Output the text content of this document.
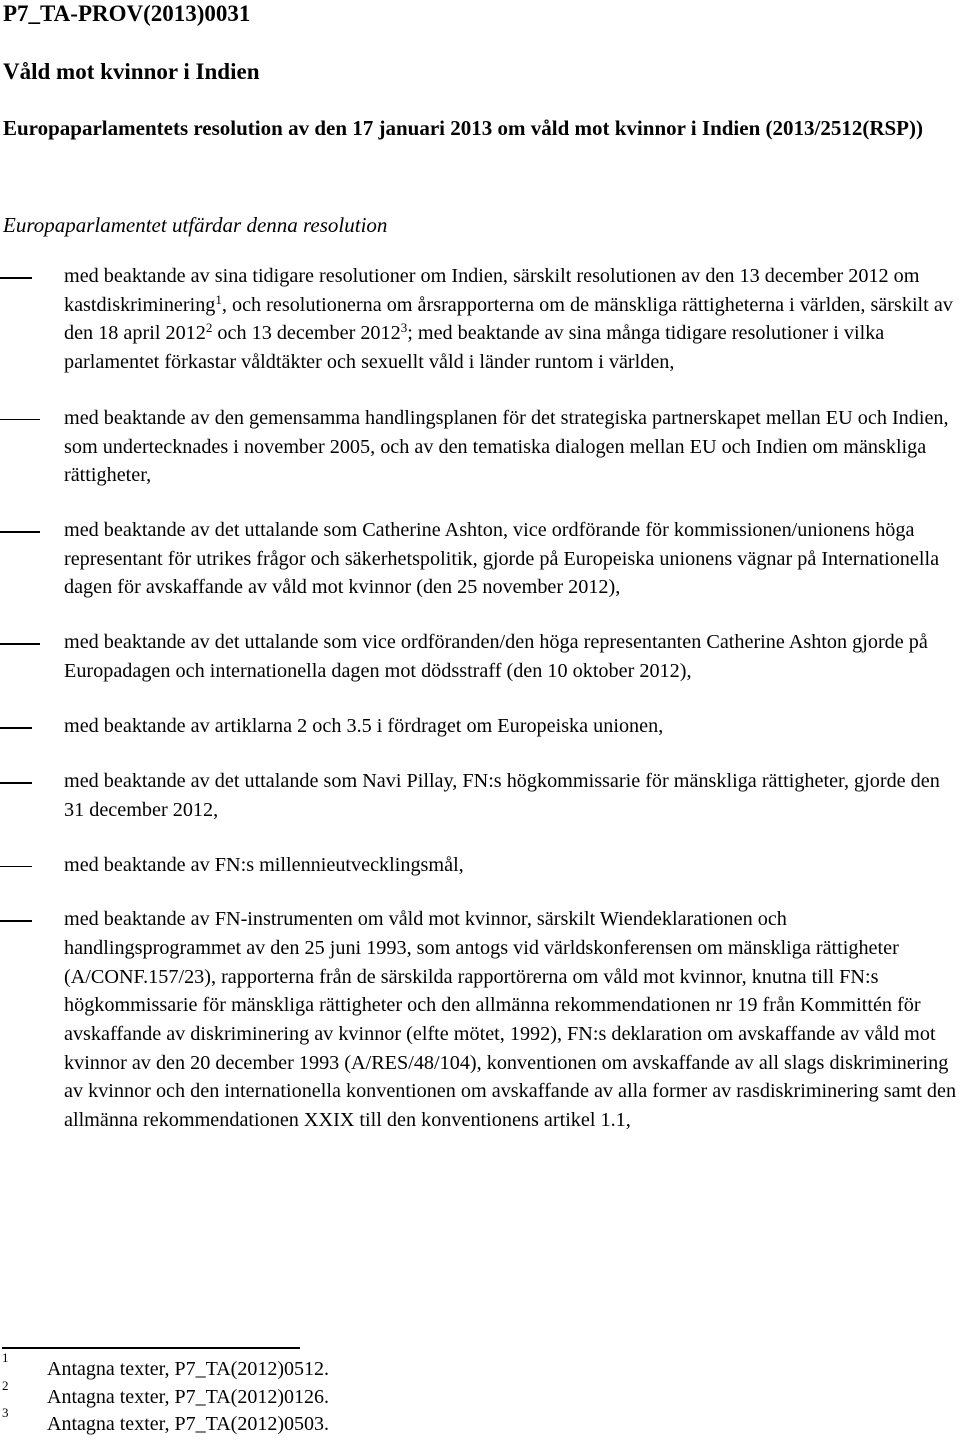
P7_TA-PROV(2013)0031
Våld mot kvinnor i Indien

Europaparlamentets resolution av den 17 januari 2013 om våld mot kvinnor i Indien (2013/2512(RSP))

Europaparlamentet utfärdar denna resolution

med beaktande av sina tidigare resolutioner om Indien, särskilt resolutionen av den 13 december 2012 om kastdiskriminering$^1$, och resolutionerna om årsrapporterna om de mänskliga rättigheterna i världen, särskilt av den 18 april 2012$^2$ och 13 december 2012$^3$; med beaktande av sina många tidigare resolutioner i vilka parlamentet förkastar våldtäkter och sexuellt våld i länder runtom i världen,

med beaktande av den gemensamma handlingsplanen för det strategiska partnerskapet mellan EU och Indien, som undertecknades i november 2005, och av den tematiska dialogen mellan EU och Indien om mänskliga rättigheter,

med beaktande av det uttalande som Catherine Ashton, vice ordförande för kommissionen/unionens höga representant för utrikes frågor och säkerhetspolitik, gjorde på Europeiska unionens vägnar på Internationella dagen för avskaffande av våld mot kvinnor (den 25 november 2012),

med beaktande av det uttalande som vice ordföranden/den höga representanten Catherine Ashton gjorde på Europadagen och internationella dagen mot dödsstraff (den 10 oktober 2012),

med beaktande av artiklarna 2 och 3.5 i fördraget om Europeiska unionen,

med beaktande av det uttalande som Navi Pillay, FN:s högkommissarie för mänskliga rättigheter, gjorde den 31 december 2012,

med beaktande av FN:s millennieutvecklingsmål,

med beaktande av FN-instrumenten om våld mot kvinnor, särskilt Wiendeklarationen och handlingsprogrammet av den 25 juni 1993, som antogs vid världskonferensen om mänskliga rättigheter (A/CONF.157/23), rapporterna från de särskilda rapportörerna om våld mot kvinnor, knutna till FN:s högkommissarie för mänskliga rättigheter och den allmänna rekommendationen nr 19 från Kommittén för avskaffande av diskriminering av kvinnor (elfte mötet, 1992), FN:s deklaration om avskaffande av våld mot kvinnor av den 20 december 1993 (A/RES/48/104), konventionen om avskaffande av all slags diskriminering av kvinnor och den internationella konventionen om avskaffande av alla former av rasdiskriminering samt den allmänna rekommendationen XXIX till den konventionens artikel 1.1,

1
Antagna texter, P7_TA(2012)0512.
2
Antagna texter, P7_TA(2012)0126.
3
Antagna texter, P7_TA(2012)0503.
